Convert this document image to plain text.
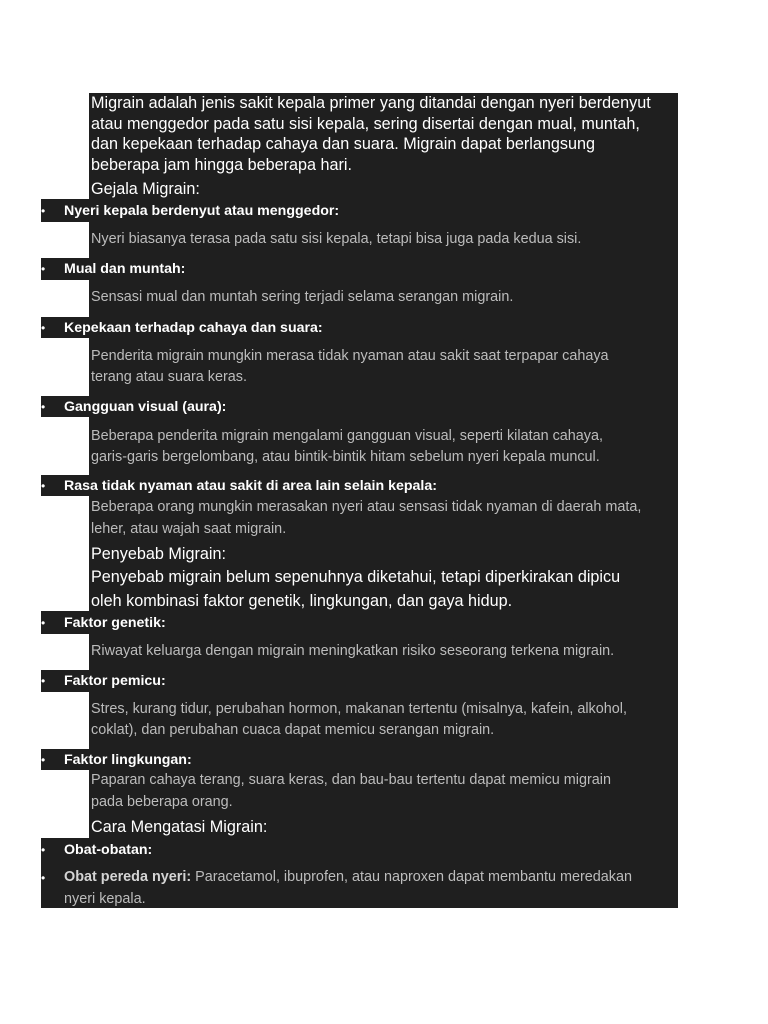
Migrain adalah jenis sakit kepala primer yang ditandai dengan nyeri berdenyut

atau menggedor pada satu sisi kepala, sering disertai dengan mual, muntah,

dan kepekaan terhadap cahaya dan suara. Migrain dapat berlangsung

beberapa jam hingga beberapa hari.

Gejala Migrain:
• Nyeri kepala berdenyut atau menggedor:

Nyeri biasanya terasa pada satu sisi kepala, tetapi bisa juga pada kedua sisi.

• Mual dan muntah:

Sensasi mual dan muntah sering terjadi selama serangan migrain.

• Kepekaan terhadap cahaya dan suara:

Penderita migrain mungkin merasa tidak nyaman atau sakit saat terpapar cahaya

terang atau suara keras.

• Gangguan visual (aura):

Beberapa penderita migrain mengalami gangguan visual, seperti kilatan cahaya,

garis-garis bergelombang, atau bintik-bintik hitam sebelum nyeri kepala muncul.

• Rasa tidak nyaman atau sakit di area lain selain kepala:

Beberapa orang mungkin merasakan nyeri atau sensasi tidak nyaman di daerah mata,

leher, atau wajah saat migrain.

Penyebab Migrain:

Penyebab migrain belum sepenuhnya diketahui, tetapi diperkirakan dipicu

oleh kombinasi faktor genetik, lingkungan, dan gaya hidup.

• Faktor genetik:

Riwayat keluarga dengan migrain meningkatkan risiko seseorang terkena migrain.

• Faktor pemicu:

Stres, kurang tidur, perubahan hormon, makanan tertentu (misalnya, kafein, alkohol,

coklat), dan perubahan cuaca dapat memicu serangan migrain.

• Faktor lingkungan:

Paparan cahaya terang, suara keras, dan bau-bau tertentu dapat memicu migrain

pada beberapa orang.

Cara Mengatasi Migrain:
• Obat-obatan:
• Obat pereda nyeri: Paracetamol, ibuprofen, atau naproxen dapat membantu meredakan

nyeri kepala.
